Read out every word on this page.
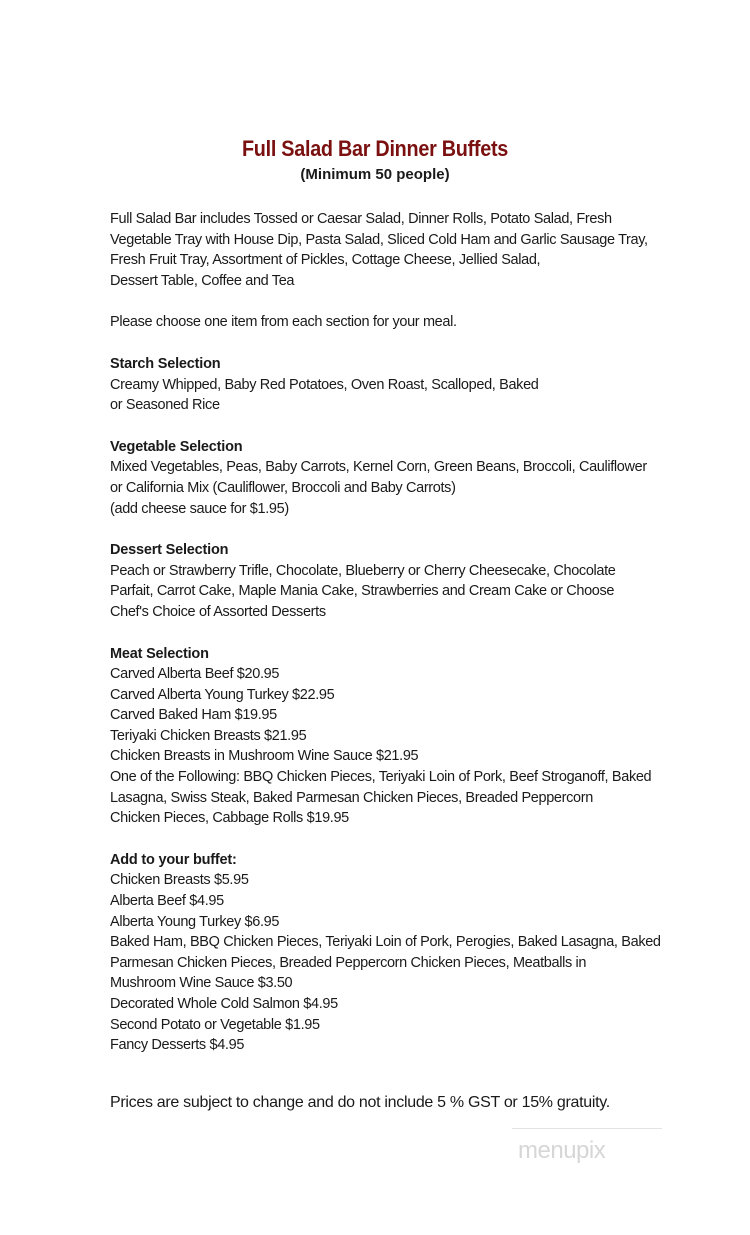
Full Salad Bar Dinner Buffets
(Minimum 50 people)
Full Salad Bar includes Tossed or Caesar Salad, Dinner Rolls, Potato Salad, Fresh
Vegetable Tray with House Dip, Pasta Salad, Sliced Cold Ham and Garlic Sausage Tray,
Fresh Fruit Tray, Assortment of Pickles, Cottage Cheese, Jellied Salad,
Dessert Table, Coffee and Tea
Please choose one item from each section for your meal.
Starch Selection
Creamy Whipped, Baby Red Potatoes, Oven Roast, Scalloped, Baked
or Seasoned Rice
Vegetable Selection
Mixed Vegetables, Peas, Baby Carrots, Kernel Corn, Green Beans, Broccoli, Cauliflower
or California Mix (Cauliflower, Broccoli and Baby Carrots)
(add cheese sauce for $1.95)
Dessert Selection
Peach or Strawberry Trifle, Chocolate, Blueberry or Cherry Cheesecake, Chocolate
Parfait, Carrot Cake, Maple Mania Cake, Strawberries and Cream Cake or Choose
Chef's Choice of Assorted Desserts
Meat Selection
Carved Alberta Beef $20.95
Carved Alberta Young Turkey $22.95
Carved Baked Ham $19.95
Teriyaki Chicken Breasts $21.95
Chicken Breasts in Mushroom Wine Sauce $21.95
One of the Following: BBQ Chicken Pieces, Teriyaki Loin of Pork, Beef Stroganoff, Baked
Lasagna, Swiss Steak, Baked Parmesan Chicken Pieces, Breaded Peppercorn
Chicken Pieces, Cabbage Rolls $19.95
Add to your buffet:
Chicken Breasts $5.95
Alberta Beef $4.95
Alberta Young Turkey $6.95
Baked Ham, BBQ Chicken Pieces, Teriyaki Loin of Pork, Perogies, Baked Lasagna, Baked
Parmesan Chicken Pieces, Breaded Peppercorn Chicken Pieces, Meatballs in
Mushroom Wine Sauce $3.50
Decorated Whole Cold Salmon $4.95
Second Potato or Vegetable $1.95
Fancy Desserts $4.95
Prices are subject to change and do not include 5 % GST or 15% gratuity.
menupix
